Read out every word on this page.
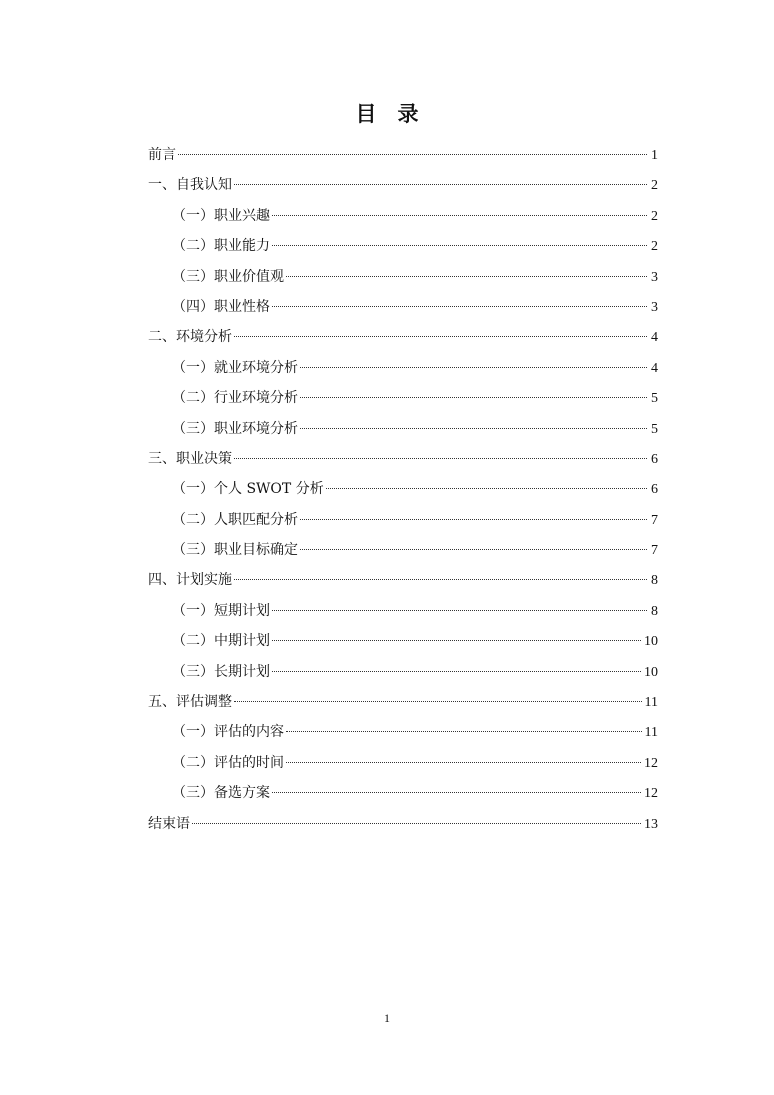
目　录
前言	1
一、自我认知	2
（一）职业兴趣	2
（二）职业能力	2
（三）职业价值观	3
（四）职业性格	3
二、环境分析	4
（一）就业环境分析	4
（二）行业环境分析	5
（三）职业环境分析	5
三、职业决策	6
（一）个人 SWOT 分析	6
（二）人职匹配分析	7
（三）职业目标确定	7
四、计划实施	8
（一）短期计划	8
（二）中期计划	10
（三）长期计划	10
五、评估调整	11
（一）评估的内容	11
（二）评估的时间	12
（三）备选方案	12
结束语	13
1
